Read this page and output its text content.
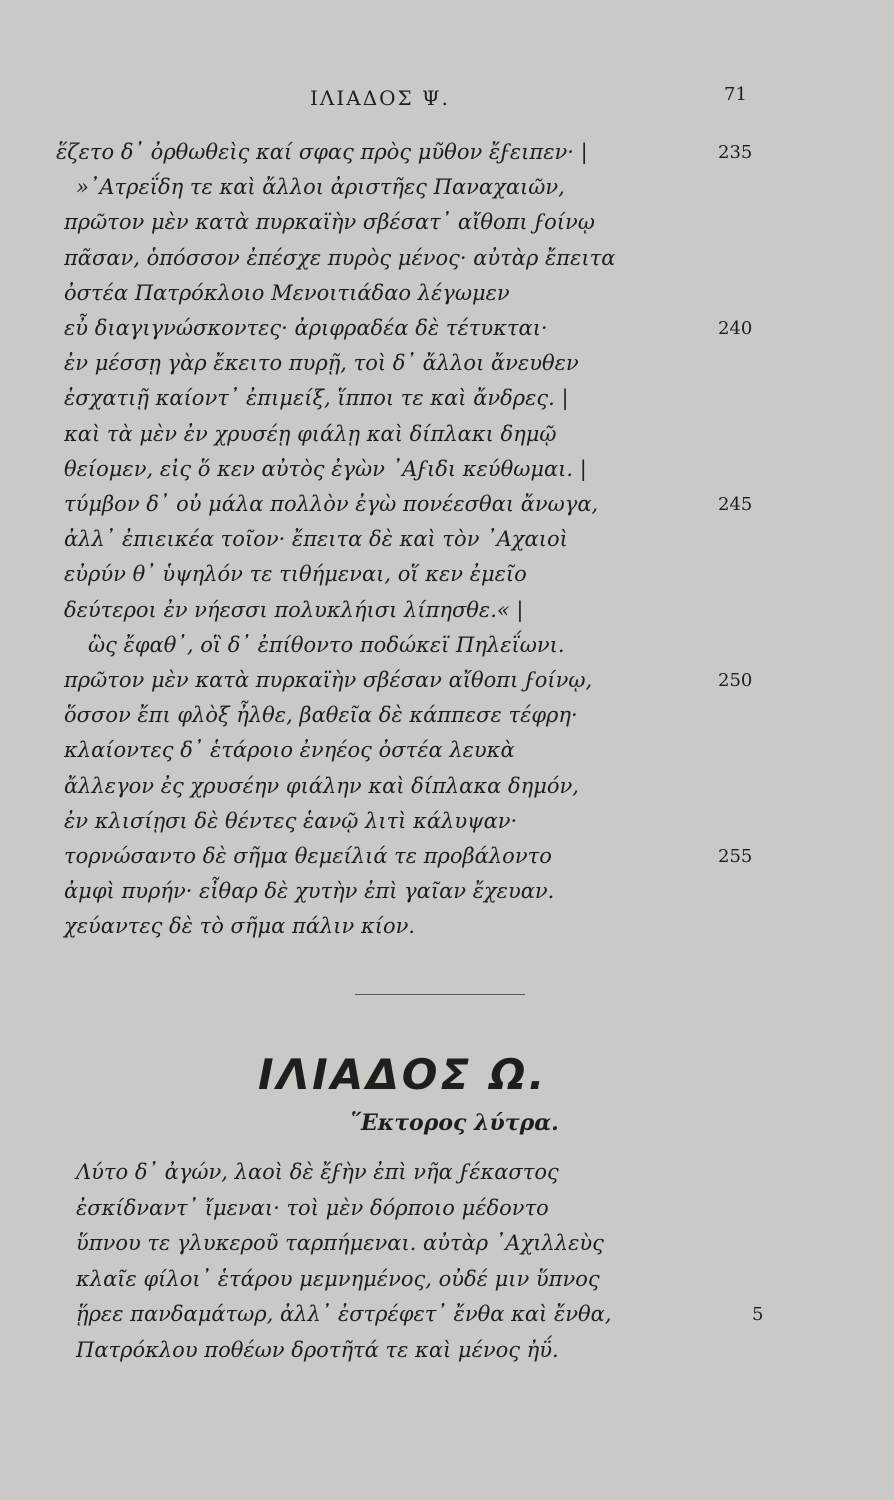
ΙΛΙΑΔΟΣ Ψ.	71
ἕζετο δ᾽ ὀρθωθεὶς καί σφας πρὸς μῦθον ἔϝειπεν· |	235
»᾽Ατρεΐδη τε καὶ ἄλλοι ἀριστῆες Παναχαιῶν,
πρῶτον μὲν κατὰ πυρκαϊὴν σβέσατ᾽ αἴθοπι ϝοίνῳ
πᾶσαν, ὁπόσσον ἐπέσχε πυρὸς μένος· αὐτὰρ ἔπειτα
ὀστέα Πατρόκλοιο Μενοιτιάδαο λέγωμεν
εὖ διαγιγνώσκοντες· ἀριφραδέα δὲ τέτυκται·	240
ἐν μέσσῃ γὰρ ἔκειτο πυρῇ, τοὶ δ᾽ ἄλλοι ἄνευθεν
ἐσχατιῇ καίοντ᾽ ἐπιμείξ, ἵπποι τε καὶ ἄνδρες. |
καὶ τὰ μὲν ἐν χρυσέῃ φιάλῃ καὶ δίπλακι δημῷ
θείομεν, εἰς ὅ κεν αὐτὸς ἐγὼν ᾽Αϝιδι κεύθωμαι. |
τύμβον δ᾽ οὐ μάλα πολλὸν ἐγὼ πονέεσθαι ἄνωγα,	245
ἀλλ᾽ ἐπιεικέα τοῖον· ἔπειτα δὲ καὶ τὸν ᾽Αχαιοὶ
εὐρύν θ᾽ ὑψηλόν τε τιθήμεναι, οἵ κεν ἐμεῖο
δεύτεροι ἐν νήεσσι πολυκλήισι λίπησθε.« |
ὣς ἔφαθ᾽, οἳ δ᾽ ἐπίθοντο ποδώκεϊ Πηλεΐωνι.
πρῶτον μὲν κατὰ πυρκαϊὴν σβέσαν αἴθοπι ϝοίνῳ,	250
ὅσσον ἔπι φλὸξ ἦλθε, βαθεῖα δὲ κάππεσε τέφρη·
κλαίοντες δ᾽ ἑτάροιο ἐνηέος ὀστέα λευκὰ
ἄλλεγον ἐς χρυσέην φιάλην καὶ δίπλακα δημόν,
ἐν κλισίῃσι δὲ θέντες ἑανῷ λιτὶ κάλυψαν·
τορνώσαντο δὲ σῆμα θεμείλιά τε προβάλοντο	255
ἀμφὶ πυρήν· εἶθαρ δὲ χυτὴν ἐπὶ γαῖαν ἔχευαν.
χεύαντες δὲ τὸ σῆμα πάλιν κίον.
ΙΛΙΑΔΟΣ Ω.
῞Εκτορος λύτρα.
Λύτο δ᾽ ἀγών, λαοὶ δὲ ἔϝὴν ἐπὶ νῆα ϝέκαστος
ἐσκίδναντ᾽ ἴμεναι· τοὶ μὲν δόρποιο μέδοντο
ὕπνου τε γλυκεροῦ ταρπήμεναι. αὐτὰρ ᾽Αχιλλεὺς
κλαῖε φίλοι᾽ ἑτάρου μεμνημένος, οὐδέ μιν ὕπνος
ᾕρεε πανδαμάτωρ, ἀλλ᾽ ἐστρέφετ᾽ ἔνθα καὶ ἔνθα,	5
Πατρόκλου ποθέων δροτῆτά τε καὶ μένος ἠΰ.
